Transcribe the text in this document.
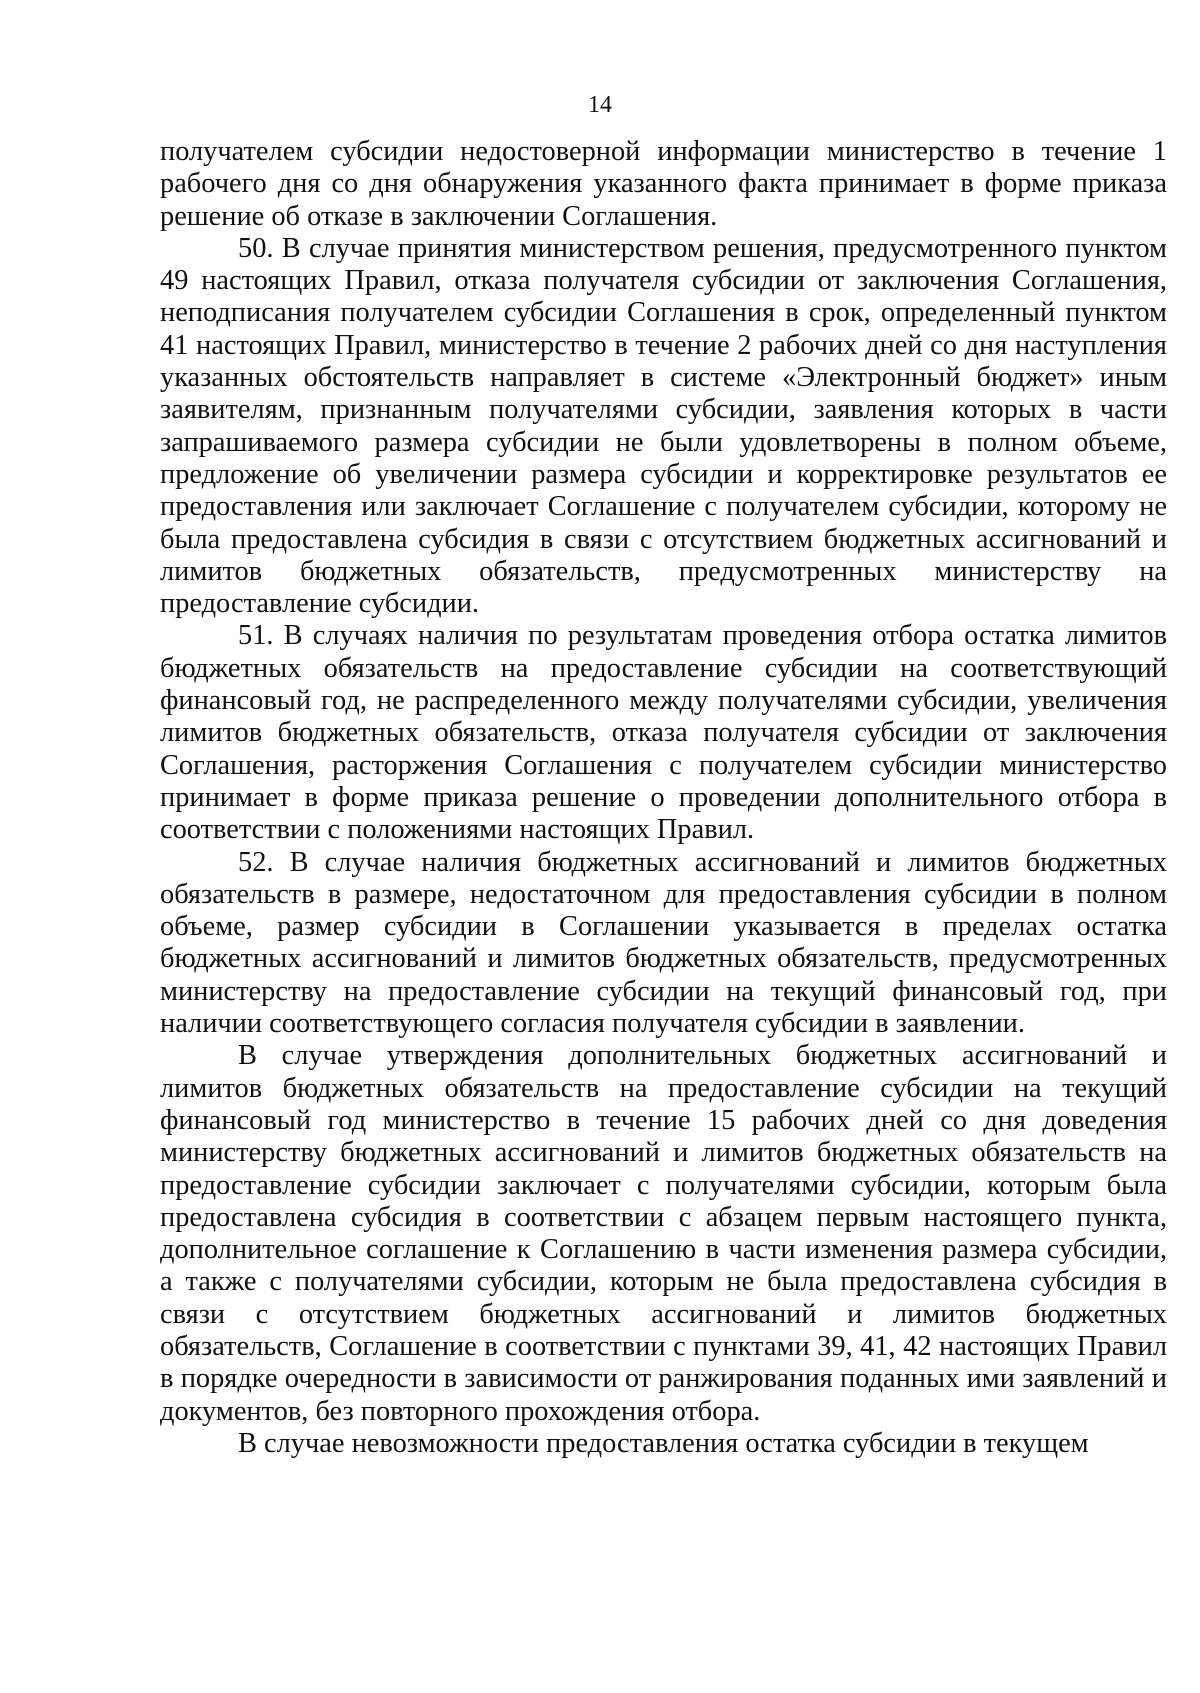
14

получателем субсидии недостоверной информации министерство в течение 1 рабочего дня со дня обнаружения указанного факта принимает в форме приказа решение об отказе в заключении Соглашения.

50. В случае принятия министерством решения, предусмотренного пунктом 49 настоящих Правил, отказа получателя субсидии от заключения Соглашения, неподписания получателем субсидии Соглашения в срок, определенный пунктом 41 настоящих Правил, министерство в течение 2 рабочих дней со дня наступления указанных обстоятельств направляет в системе «Электронный бюджет» иным заявителям, признанным получателями субсидии, заявления которых в части запрашиваемого размера субсидии не были удовлетворены в полном объеме, предложение об увеличении размера субсидии и корректировке результатов ее предоставления или заключает Соглашение с получателем субсидии, которому не была предоставлена субсидия в связи с отсутствием бюджетных ассигнований и лимитов бюджетных обязательств, предусмотренных министерству на предоставление субсидии.

51. В случаях наличия по результатам проведения отбора остатка лимитов бюджетных обязательств на предоставление субсидии на соответствующий финансовый год, не распределенного между получателями субсидии, увеличения лимитов бюджетных обязательств, отказа получателя субсидии от заключения Соглашения, расторжения Соглашения с получателем субсидии министерство принимает в форме приказа решение о проведении дополнительного отбора в соответствии с положениями настоящих Правил.

52. В случае наличия бюджетных ассигнований и лимитов бюджетных обязательств в размере, недостаточном для предоставления субсидии в полном объеме, размер субсидии в Соглашении указывается в пределах остатка бюджетных ассигнований и лимитов бюджетных обязательств, предусмотренных министерству на предоставление субсидии на текущий финансовый год, при наличии соответствующего согласия получателя субсидии в заявлении.

В случае утверждения дополнительных бюджетных ассигнований и лимитов бюджетных обязательств на предоставление субсидии на текущий финансовый год министерство в течение 15 рабочих дней со дня доведения министерству бюджетных ассигнований и лимитов бюджетных обязательств на предоставление субсидии заключает с получателями субсидии, которым была предоставлена субсидия в соответствии с абзацем первым настоящего пункта, дополнительное соглашение к Соглашению в части изменения размера субсидии, а также с получателями субсидии, которым не была предоставлена субсидия в связи с отсутствием бюджетных ассигнований и лимитов бюджетных обязательств, Соглашение в соответствии с пунктами 39, 41, 42 настоящих Правил в порядке очередности в зависимости от ранжирования поданных ими заявлений и документов, без повторного прохождения отбора.

В случае невозможности предоставления остатка субсидии в текущем
